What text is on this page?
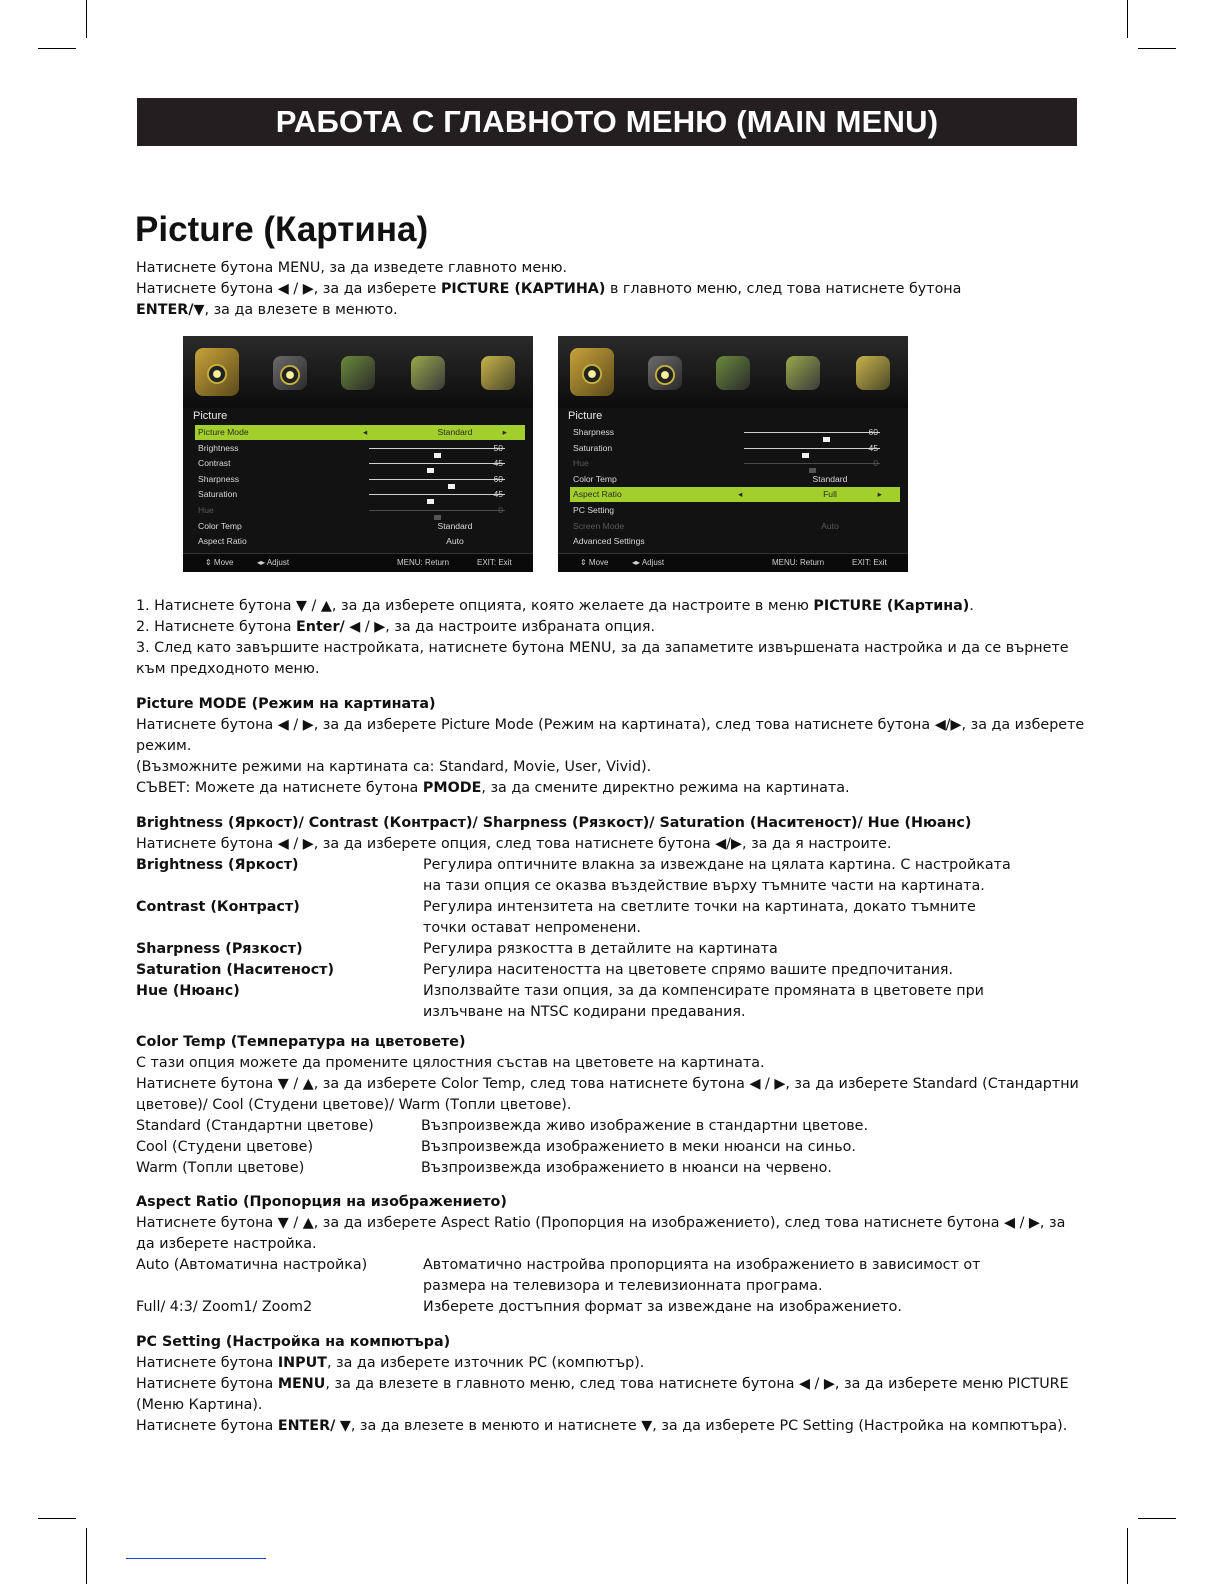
РАБОТА С ГЛАВНОТО МЕНЮ (MAIN MENU)
Picture (Картина)
Натиснете бутона MENU, за да изведете главното меню.
Натиснете бутона ◀ / ▶, за да изберете PICTURE (КАРТИНА) в главното меню, след това натиснете бутона
ENTER/▼, за да влезете в менюто.
Picture
Picture Mode	Standard
◂	▸
Brightness	50
Contrast	45
Sharpness	60
Saturation	45
Hue	0
Color Temp	Standard
Aspect Ratio	Auto
⇕ Move	◂▸ Adjust	MENU: Return	EXIT: Exit
Picture
Sharpness	60
Saturation	45
Hue	0
Color Temp	Standard
Aspect Ratio	Full
◂	▸
PC Setting
Screen Mode	Auto
Advanced Settings
⇕ Move	◂▸ Adjust	MENU: Return	EXIT: Exit
1. Натиснете бутона ▼ / ▲, за да изберете опцията, която желаете да настроите в меню PICTURE (Картина).
2. Натиснете бутона Enter/ ◀ / ▶, за да настроите избраната опция.
3. След като завършите настройката, натиснете бутона MENU, за да запаметите извършената настройка и да се върнете
към предходното меню.
Picture MODE (Режим на картината)
Натиснете бутона ◀ / ▶, за да изберете Picture Mode (Режим на картината), след това натиснете бутона ◀/▶, за да изберете
режим.
(Възможните режими на картината са: Standard, Movie, User, Vivid).
СЪВЕТ: Можете да натиснете бутона PMODE, за да смените директно режима на картината.
Brightness (Яркост)/ Contrast (Контраст)/ Sharpness (Рязкост)/ Saturation (Наситеност)/ Hue (Нюанс)
Натиснете бутона ◀ / ▶, за да изберете опция, след това натиснете бутона ◀/▶, за да я настроите.
Brightness (Яркост)	Регулира оптичните влакна за извеждане на цялата картина. С настройката
на тази опция се оказва въздействие върху тъмните части на картината.
Contrast (Контраст)	Регулира интензитета на светлите точки на картината, докато тъмните
точки остават непроменени.
Sharpness (Рязкост)	Регулира рязкостта в детайлите на картината
Saturation (Наситеност)	Регулира наситеността на цветовете спрямо вашите предпочитания.
Hue (Нюанс)	Използвайте тази опция, за да компенсирате промяната в цветовете при
излъчване на NTSC кодирани предавания.
Color Temp (Температура на цветовете)
С тази опция можете да промените цялостния състав на цветовете на картината.
Натиснете бутона ▼ / ▲, за да изберете Color Temp, след това натиснете бутона ◀ / ▶, за да изберете Standard (Стандартни
цветове)/ Cool (Студени цветове)/ Warm (Топли цветове).
Standard (Стандартни цветове)	Възпроизвежда живо изображение в стандартни цветове.
Cool (Студени цветове)	Възпроизвежда изображението в меки нюанси на синьо.
Warm (Топли цветове)	Възпроизвежда изображението в нюанси на червено.
Aspect Ratio (Пропорция на изображението)
Натиснете бутона ▼ / ▲, за да изберете Aspect Ratio (Пропорция на изображението), след това натиснете бутона ◀ / ▶, за
да изберете настройка.
Auto (Автоматична настройка)	Автоматично настройва пропорцията на изображението в зависимост от
размера на телевизора и телевизионната програма.
Full/ 4:3/ Zoom1/ Zoom2	Изберете достъпния формат за извеждане на изображението.
PC Setting (Настройка на компютъра)
Натиснете бутона INPUT, за да изберете източник PC (компютър).
Натиснете бутона MENU, за да влезете в главното меню, след това натиснете бутона ◀ / ▶, за да изберете меню PICTURE
(Меню Картина).
Натиснете бутона ENTER/ ▼, за да влезете в менюто и натиснете ▼, за да изберете PC Setting (Настройка на компютъра).
